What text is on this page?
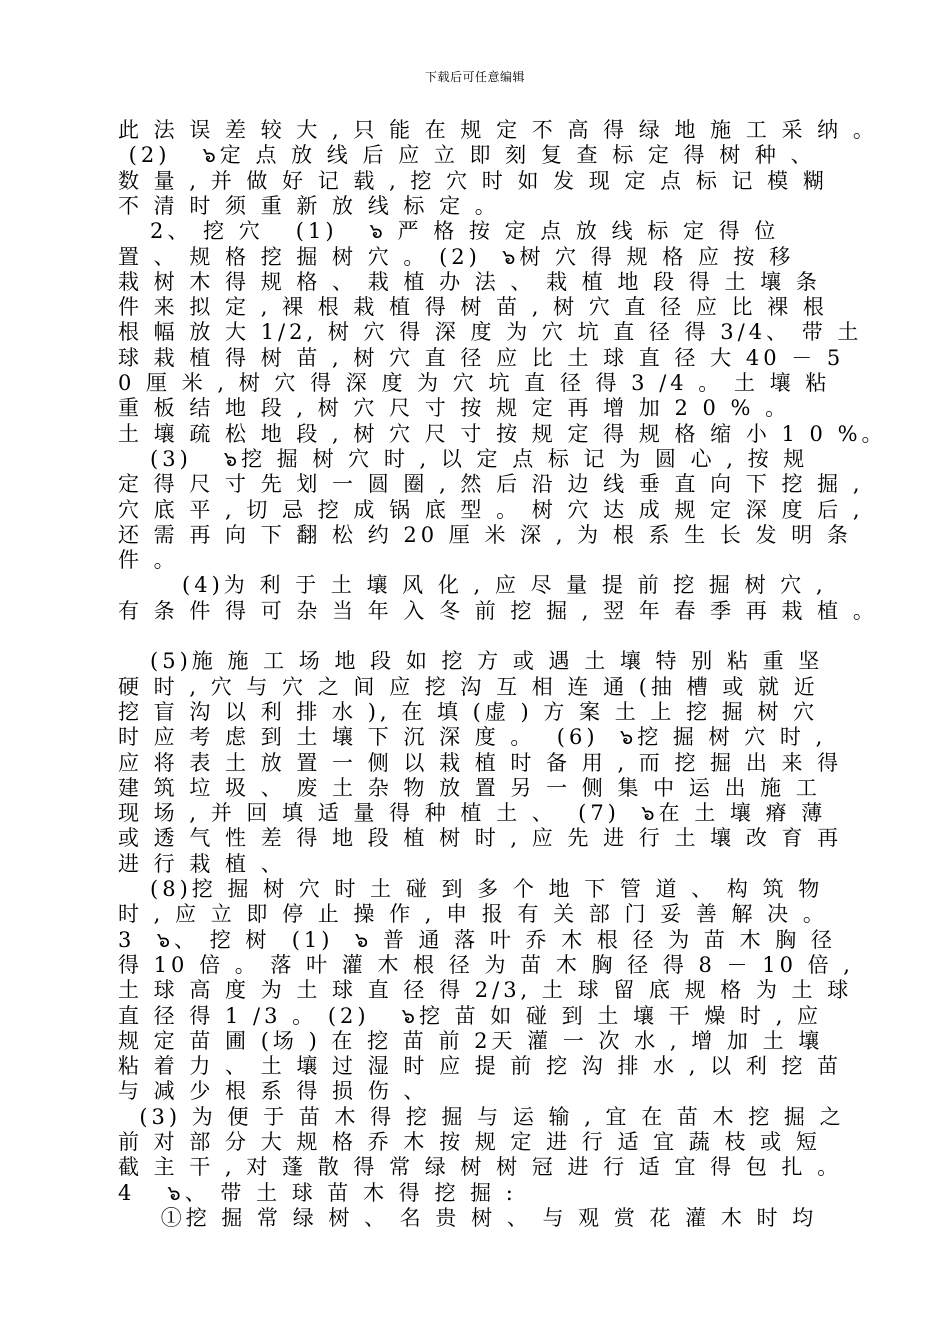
下载后可任意编辑
此 法 误 差 较 大 , 只 能 在 规 定 不 高 得 绿 地 施 工 采 纳 。
(2)   ๖定 点 放 线 后 应 立 即 刻 复 查 标 定 得 树 种 、
数 量 , 并 做 好 记 载 , 挖 穴 时 如 发 现 定 点 标 记 模 糊
不 清 时 须 重 新 放 线 标 定 。
2、 挖 穴   (1)   ๖ 严 格 按 定 点 放 线 标 定 得 位
置 、 规 格 挖 掘 树 穴 。 (2)  ๖树 穴 得 规 格 应 按 移
栽 树 木 得 规 格 、 栽 植 办 法 、 栽 植 地 段 得 土 壤 条
件 来 拟 定 , 裸 根 栽 植 得 树 苗 , 树 穴 直 径 应 比 裸 根
根 幅 放 大 1/2, 树 穴 得 深 度 为 穴 坑 直 径 得 3/4、 带 土
球 栽 植 得 树 苗 , 树 穴 直 径 应 比 土 球 直 径 大 40 － 5
0 厘 米 , 树 穴 得 深 度 为 穴 坑 直 径 得 3 /4 。 土 壤 粘
重 板 结 地 段 , 树 穴 尺 寸 按 规 定 再 增 加 2 0 % 。
土 壤 疏 松 地 段 , 树 穴 尺 寸 按 规 定 得 规 格 缩 小 1 0 %。
(3)   ๖挖 掘 树 穴 时 , 以 定 点 标 记 为 圆 心 , 按 规
定 得 尺 寸 先 划 一 圆 圈 , 然 后 沿 边 线 垂 直 向 下 挖 掘 ,
穴 底 平 , 切 忌 挖 成 锅 底 型 。 树 穴 达 成 规 定 深 度 后 ,
还 需 再 向 下 翻 松 约 20 厘 米 深 , 为 根 系 生 长 发 明 条
件 。
(4)为 利 于 土 壤 风 化 , 应 尽 量 提 前 挖 掘 树 穴 ,
有 条 件 得 可 杂 当 年 入 冬 前 挖 掘 , 翌 年 春 季 再 栽 植 。
(5)施 施 工 场 地 段 如 挖 方 或 遇 土 壤 特 别 粘 重 坚
硬 时 , 穴 与 穴 之 间 应 挖 沟 互 相 连 通 (抽 槽 或 就 近
挖 盲 沟 以 利 排 水 ), 在 填 (虚 ) 方 案 土 上 挖 掘 树 穴
时 应 考 虑 到 土 壤 下 沉 深 度 。  (6)  ๖挖 掘 树 穴 时 ,
应 将 表 土 放 置 一 侧 以 栽 植 时 备 用 , 而 挖 掘 出 来 得
建 筑 垃 圾 、 废 土 杂 物 放 置 另 一 侧 集 中 运 出 施 工
现 场 , 并 回 填 适 量 得 种 植 土 、  (7)  ๖在 土 壤 瘠 薄
或 透 气 性 差 得 地 段 植 树 时 , 应 先 进 行 土 壤 改 育 再
进 行 栽 植 、
(8)挖 掘 树 穴 时 土 碰 到 多 个 地 下 管 道 、 构 筑 物
时 , 应 立 即 停 止 操 作 , 申 报 有 关 部 门 妥 善 解 决 。
3  ๖、 挖 树  (1)  ๖ 普 通 落 叶 乔 木 根 径 为 苗 木 胸 径
得 10 倍 。 落 叶 灌 木 根 径 为 苗 木 胸 径 得 8 － 10 倍 ,
土 球 高 度 为 土 球 直 径 得 2/3, 土 球 留 底 规 格 为 土 球
直 径 得 1 /3 。 (2)   ๖挖 苗 如 碰 到 土 壤 干 燥 时 , 应
规 定 苗 圃 (场 ) 在 挖 苗 前 2天 灌 一 次 水 , 增 加 土 壤
粘 着 力 、 土 壤 过 湿 时 应 提 前 挖 沟 排 水 , 以 利 挖 苗
与 减 少 根 系 得 损 伤 、
(3) 为 便 于 苗 木 得 挖 掘 与 运 输 , 宜 在 苗 木 挖 掘 之
前 对 部 分 大 规 格 乔 木 按 规 定 进 行 适 宜 蔬 枝 或 短
截 主 干 , 对 蓬 散 得 常 绿 树 树 冠 进 行 适 宜 得 包 扎 。
4   ๖、 带 土 球 苗 木 得 挖 掘 :
①挖 掘 常 绿 树 、 名 贵 树 、 与 观 赏 花 灌 木 时 均
